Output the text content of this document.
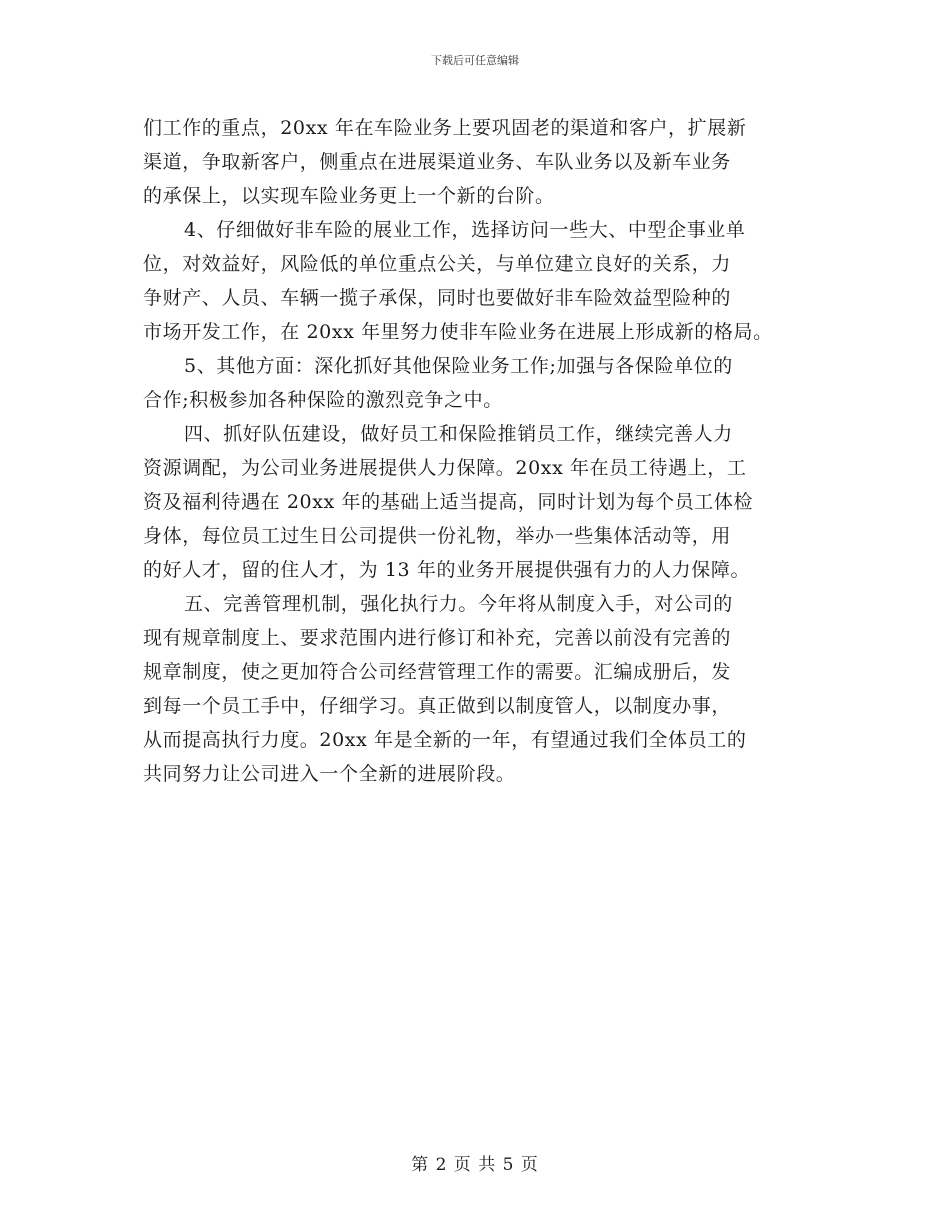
下载后可任意编辑
们工作的重点，20xx 年在车险业务上要巩固老的渠道和客户，扩展新
渠道，争取新客户，侧重点在进展渠道业务、车队业务以及新车业务
的承保上，以实现车险业务更上一个新的台阶。
4、仔细做好非车险的展业工作，选择访问一些大、中型企事业单
位，对效益好，风险低的单位重点公关，与单位建立良好的关系，力
争财产、人员、车辆一揽子承保，同时也要做好非车险效益型险种的
市场开发工作，在 20xx 年里努力使非车险业务在进展上形成新的格局。
5、其他方面：深化抓好其他保险业务工作;加强与各保险单位的
合作;积极参加各种保险的激烈竞争之中。
四、抓好队伍建设，做好员工和保险推销员工作，继续完善人力
资源调配，为公司业务进展提供人力保障。20xx 年在员工待遇上，工
资及福利待遇在 20xx 年的基础上适当提高，同时计划为每个员工体检
身体，每位员工过生日公司提供一份礼物，举办一些集体活动等，用
的好人才，留的住人才，为 13 年的业务开展提供强有力的人力保障。
五、完善管理机制，强化执行力。今年将从制度入手，对公司的
现有规章制度上、要求范围内进行修订和补充，完善以前没有完善的
规章制度，使之更加符合公司经营管理工作的需要。汇编成册后，发
到每一个员工手中，仔细学习。真正做到以制度管人，以制度办事，
从而提高执行力度。20xx 年是全新的一年，有望通过我们全体员工的
共同努力让公司进入一个全新的进展阶段。
第 2 页 共 5 页
